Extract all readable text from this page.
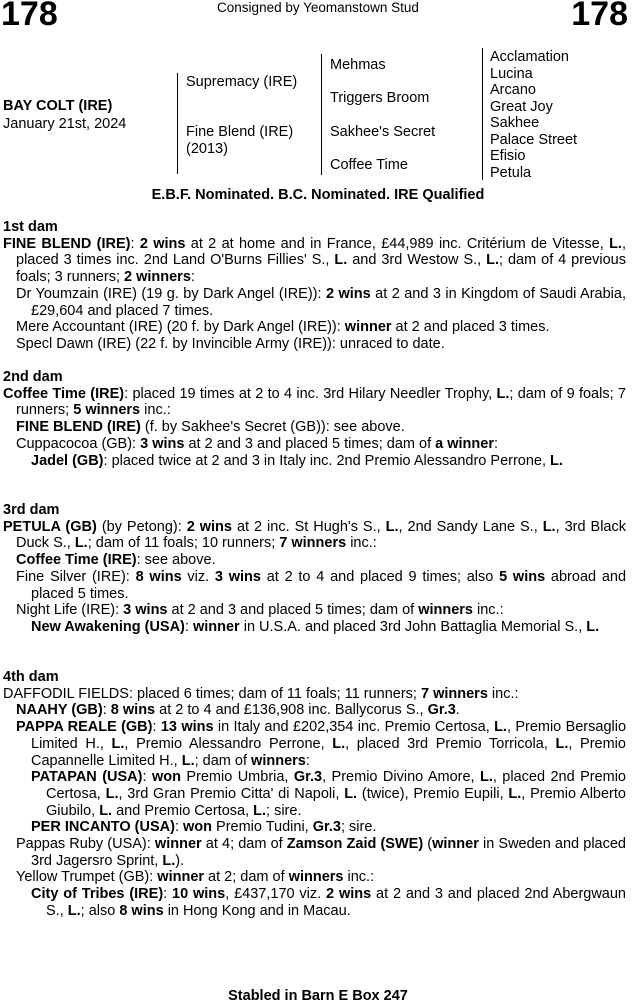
178	Consigned by Yeomanstown Stud	178
BAY COLT (IRE)
January 21st, 2024
Supremacy (IRE)
Fine Blend (IRE)
(2013)
Mehmas
Triggers Broom
Sakhee's Secret
Coffee Time
Acclamation
Lucina
Arcano
Great Joy
Sakhee
Palace Street
Efisio
Petula
E.B.F. Nominated. B.C. Nominated. IRE Qualified
1st dam
FINE BLEND (IRE): 2 wins at 2 at home and in France, £44,989 inc. Critérium de Vitesse, L., placed 3 times inc. 2nd Land O'Burns Fillies' S., L. and 3rd Westow S., L.; dam of 4 previous foals; 3 runners; 2 winners:
Dr Youmzain (IRE) (19 g. by Dark Angel (IRE)): 2 wins at 2 and 3 in Kingdom of Saudi Arabia, £29,604 and placed 7 times.
Mere Accountant (IRE) (20 f. by Dark Angel (IRE)): winner at 2 and placed 3 times.
Specl Dawn (IRE) (22 f. by Invincible Army (IRE)): unraced to date.
2nd dam
Coffee Time (IRE): placed 19 times at 2 to 4 inc. 3rd Hilary Needler Trophy, L.; dam of 9 foals; 7 runners; 5 winners inc.:
FINE BLEND (IRE) (f. by Sakhee's Secret (GB)): see above.
Cuppacocoa (GB): 3 wins at 2 and 3 and placed 5 times; dam of a winner:
Jadel (GB): placed twice at 2 and 3 in Italy inc. 2nd Premio Alessandro Perrone, L.
3rd dam
PETULA (GB) (by Petong): 2 wins at 2 inc. St Hugh's S., L., 2nd Sandy Lane S., L., 3rd Black Duck S., L.; dam of 11 foals; 10 runners; 7 winners inc.:
Coffee Time (IRE): see above.
Fine Silver (IRE): 8 wins viz. 3 wins at 2 to 4 and placed 9 times; also 5 wins abroad and placed 5 times.
Night Life (IRE): 3 wins at 2 and 3 and placed 5 times; dam of winners inc.:
New Awakening (USA): winner in U.S.A. and placed 3rd John Battaglia Memorial S., L.
4th dam
DAFFODIL FIELDS: placed 6 times; dam of 11 foals; 11 runners; 7 winners inc.:
NAAHY (GB): 8 wins at 2 to 4 and £136,908 inc. Ballycorus S., Gr.3.
PAPPA REALE (GB): 13 wins in Italy and £202,354 inc. Premio Certosa, L., Premio Bersaglio Limited H., L., Premio Alessandro Perrone, L., placed 3rd Premio Torricola, L., Premio Capannelle Limited H., L.; dam of winners:
PATAPAN (USA): won Premio Umbria, Gr.3, Premio Divino Amore, L., placed 2nd Premio Certosa, L., 3rd Gran Premio Citta' di Napoli, L. (twice), Premio Eupili, L., Premio Alberto Giubilo, L. and Premio Certosa, L.; sire.
PER INCANTO (USA): won Premio Tudini, Gr.3; sire.
Pappas Ruby (USA): winner at 4; dam of Zamson Zaid (SWE) (winner in Sweden and placed 3rd Jagersro Sprint, L.).
Yellow Trumpet (GB): winner at 2; dam of winners inc.:
City of Tribes (IRE): 10 wins, £437,170 viz. 2 wins at 2 and 3 and placed 2nd Abergwaun S., L.; also 8 wins in Hong Kong and in Macau.
Stabled in Barn E Box 247
